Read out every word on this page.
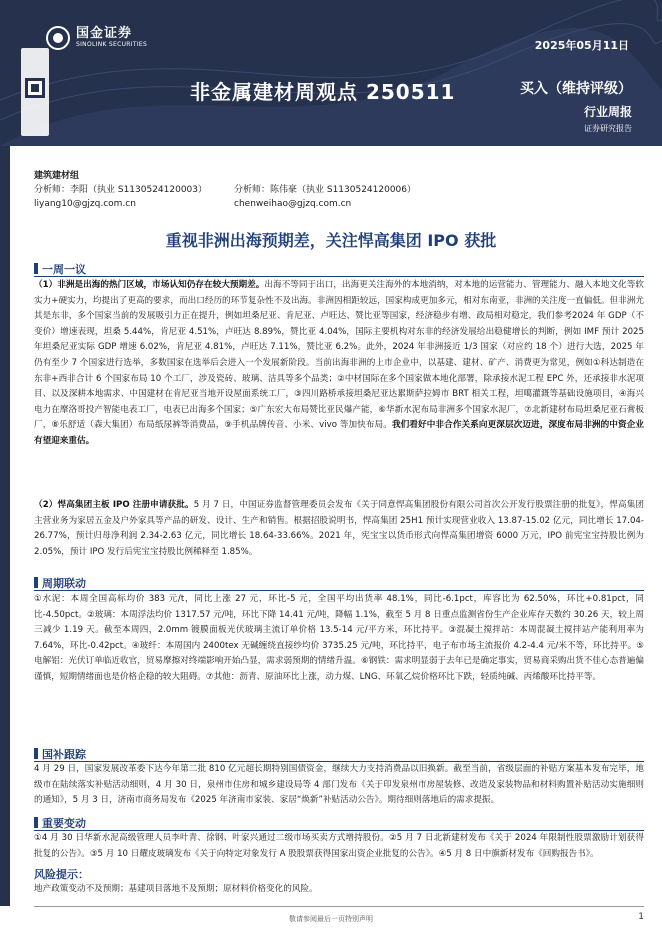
国金证券
SINOLINK SECURITIES	2025年05月11日
非金属建材周观点 250511	买入（维持评级）
行业周报
证券研究报告
建筑建材组
分析师：李阳（执业 S1130524120003）	分析师：陈伟豪（执业 S1130524120006）
liyang10@gjzq.com.cn	chenweihao@gjzq.com.cn
重视非洲出海预期差，关注悍高集团 IPO 获批
一周一议
（1）非洲是出海的热门区域，市场认知仍存在较大预期差。出海不等同于出口，出海更关注海外的本地消纳，对本地的运营能力、管理能力、融入本地文化等软实力+硬实力，均提出了更高的要求，而出口经历的环节复杂性不及出海。非洲因相距较远，国家构成更加多元，相对东南亚，非洲的关注度一直偏低。但非洲尤其是东非，多个国家当前的发展吸引力正在提升，例如坦桑尼亚、肯尼亚、卢旺达、赞比亚等国家，经济稳步有增、政局相对稳定，我们参考2024 年 GDP（不变价）增速表现，坦桑 5.44%，肯尼亚 4.51%，卢旺达 8.89%，赞比亚 4.04%，国际主要机构对东非的经济发展给出稳健增长的判断，例如 IMF 预计 2025 年坦桑尼亚实际 GDP 增速 6.02%，肯尼亚 4.81%，卢旺达 7.11%，赞比亚 6.2%。此外，2024 年非洲接近 1/3 国家（对应约 18 个）进行大选，2025 年仍有至少 7 个国家进行选举，多数国家在选举后会进入一个发展新阶段。当前出海非洲的上市企业中，以基建、建材、矿产、消费更为常见，例如①科达制造在东非+西非合计 6 个国家布局 10 个工厂，涉及瓷砖、玻璃、洁具等多个品类；②中材国际在多个国家做本地化部署，除承接水泥工程 EPC 外，还承接非水泥项目、以及深耕本地需求、中国建材在肯尼亚当地开设屋面系统工厂，③四川路桥承接坦桑尼亚达累斯萨拉姆市 BRT 相关工程，坦噶灌溉等基础设施项目，④海兴电力在摩洛哥投产智能电表工厂，电表已出海多个国家；⑤广东宏大布局赞比亚民爆产能，⑥华新水泥布局非洲多个国家水泥厂，⑦北新建材布局坦桑尼亚石膏板厂，⑧乐舒适（森大集团）布局纸尿裤等消费品，⑨手机品牌传音、小米、vivo 等加快布局。我们看好中非合作关系向更深层次迈进，深度布局非洲的中资企业有望迎来重估。
（2）悍高集团主板 IPO 注册申请获批。5 月 7 日，中国证券监督管理委员会发布《关于同意悍高集团股份有限公司首次公开发行股票注册的批复》，悍高集团主营业务为家居五金及户外家具等产品的研发、设计、生产和销售。根据招股说明书，悍高集团 25H1 预计实现营业收入 13.87-15.02 亿元，同比增长 17.04-26.77%，预计归母净利润 2.34-2.63 亿元，同比增长 18.64-33.66%。2021 年，宪宝宝以货币形式向悍高集团增资 6000 万元，IPO 前宪宝宝持股比例为 2.05%，预计 IPO 发行后宪宝宝持股比例稀释至 1.85%。
周期联动
①水泥：本周全国高标均价 383 元/t，同比上涨 27 元，环比-5 元，全国平均出货率 48.1%，同比-6.1pct，库容比为 62.50%，环比+0.81pct，同比-4.50pct。②玻璃：本周浮法均价 1317.57 元/吨，环比下降 14.41 元/吨，降幅 1.1%，截至 5 月 8 日重点监测省份生产企业库存天数约 30.26 天，较上周三减少 1.19 天。截至本周四，2.0mm 镀膜面板光伏玻璃主流订单价格 13.5-14 元/平方米，环比持平。③混凝土搅拌站：本周混凝土搅拌站产能利用率为 7.64%，环比-0.42pct。④玻纤：本周国内 2400tex 无碱缠绕直接纱均价 3735.25 元/吨，环比持平，电子布市场主流报价 4.2-4.4 元/米不等，环比持平。⑤电解铝：光伏订单临近收官，贸易摩擦对终端影响开始凸显，需求弱预期的情绪升温。⑥钢铁：需求明显弱于去年已是确定事实，贸易商采购出货不佳心态普遍偏谨慎，短期情绪面也是价格企稳的较大阻碍。⑦其他：沥青、原油环比上涨，动力煤、LNG、环氧乙烷价格环比下跌，轻质纯碱、丙烯酸环比持平等。
国补跟踪
4 月 29 日，国家发展改革委下达今年第二批 810 亿元超长期特别国债资金，继续大力支持消费品以旧换新。截至当前，省级层面的补贴方案基本发布完毕，地级市在陆续落实补贴活动细则，4 月 30 日，泉州市住房和城乡建设局等 4 部门发布《关于印发泉州市房屋装修、改造及家装物品和材料购置补贴活动实施细则的通知》，5 月 3 日，济南市商务局发布《2025 年济南市家装、家居“焕新”补贴活动公告》。期待细则落地后的需求提振。
重要变动
①4 月 30 日华新水泥高级管理人员李叶青、徐钢、叶家兴通过二级市场买卖方式增持股份。②5 月 7 日北新建材发布《关于 2024 年限制性股票激励计划获得批复的公告》。③5 月 10 日耀皮玻璃发布《关于向特定对象发行 A 股股票获得国家出资企业批复的公告》。④5 月 8 日中旗新材发布《回购报告书》。
风险提示：
地产政策变动不及预期；基建项目落地不及预期；原材料价格变化的风险。
敬请参阅最后一页特别声明	1
